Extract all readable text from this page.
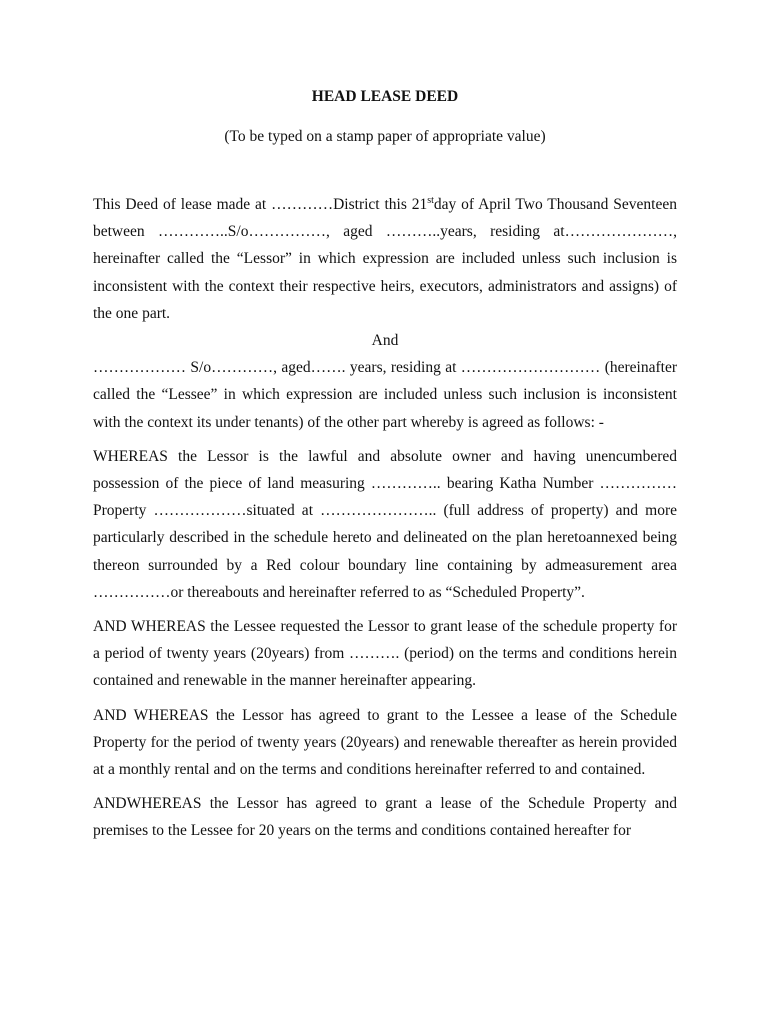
HEAD LEASE DEED
(To be typed on a stamp paper of appropriate value)

This Deed of lease made at …………District this 21stday of April Two Thousand Seventeen between …………..S/o……………, aged ………..years, residing at…………………, hereinafter called the “Lessor” in which expression are included unless such inclusion is inconsistent with the context their respective heirs, executors, administrators and assigns) of the one part.

And

……………… S/o…………, aged……. years, residing at ……………………… (hereinafter called the “Lessee” in which expression are included unless such inclusion is inconsistent with the context its under tenants) of the other part whereby is agreed as follows: -

WHEREAS the Lessor is the lawful and absolute owner and having unencumbered possession of the piece of land measuring ………….. bearing Katha Number ……………Property ………………situated at ………………….. (full address of property) and more particularly described in the schedule hereto and delineated on the plan heretoannexed being thereon surrounded by a Red colour boundary line containing by admeasurement area ……………or thereabouts and hereinafter referred to as “Scheduled Property”.

AND WHEREAS the Lessee requested the Lessor to grant lease of the schedule property for a period of twenty years (20years) from ………. (period) on the terms and conditions herein contained and renewable in the manner hereinafter appearing.

AND WHEREAS the Lessor has agreed to grant to the Lessee a lease of the Schedule Property for the period of twenty years (20years) and renewable thereafter as herein provided at a monthly rental and on the terms and conditions hereinafter referred to and contained.

ANDWHEREAS the Lessor has agreed to grant a lease of the Schedule Property and premises to the Lessee for 20 years on the terms and conditions contained hereafter for
